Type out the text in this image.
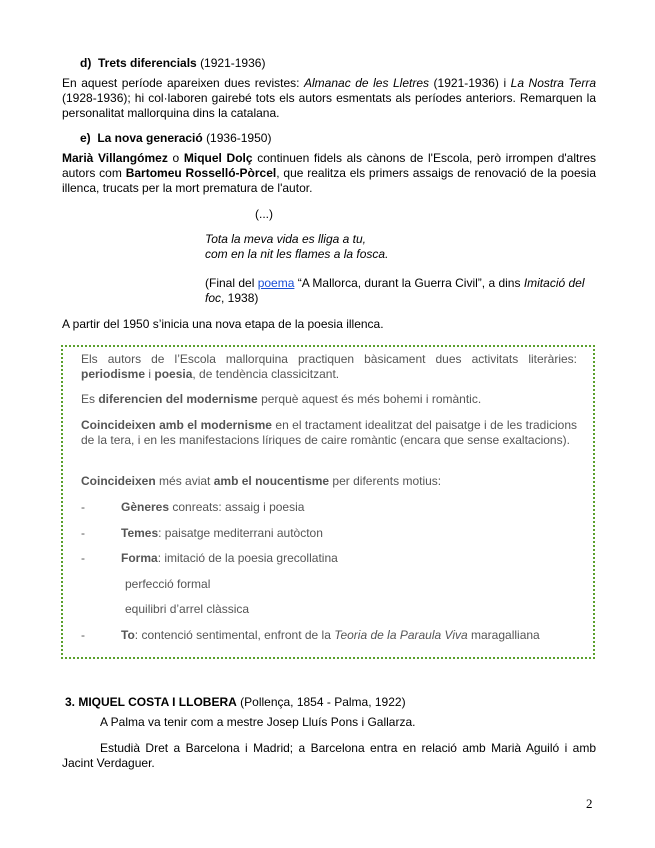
d) Trets diferencials (1921-1936)

En aquest període apareixen dues revistes: Almanac de les Lletres (1921-1936) i La Nostra Terra (1928-1936); hi col·laboren gairebé tots els autors esmentats als períodes anteriors. Remarquen la personalitat mallorquina dins la catalana.

e) La nova generació (1936-1950)

Marià Villangómez o Miquel Dolç continuen fidels als cànons de l'Escola, però irrompen d'altres autors com Bartomeu Rosselló-Pòrcel, que realitza els primers assaigs de renovació de la poesia illenca, trucats per la mort prematura de l'autor.

(...)
Tota la meva vida es lliga a tu,
com en la nit les flames a la fosca.
(Final del poema “A Mallorca, durant la Guerra Civil”, a dins Imitació del foc, 1938)

A partir del 1950 s’inicia una nova etapa de la poesia illenca.

Els autors de l’Escola mallorquina practiquen bàsicament dues activitats literàries: periodisme i poesia, de tendència classicitzant.

Es diferencien del modernisme perquè aquest és més bohemi i romàntic.

Coincideixen amb el modernisme en el tractament idealitzat del paisatge i de les tradicions de la tera, i en les manifestacions líriques de caire romàntic (encara que sense exaltacions).

Coincideixen més aviat amb el noucentisme per diferents motius:

-	Gèneres conreats: assaig i poesia

-	Temes: paisatge mediterrani autòcton

-	Forma: imitació de la poesia grecollatina

perfecció formal
equilibri d’arrel clàssica
-	To: contenció sentimental, enfront de la Teoria de la Paraula Viva maragalliana

3. MIQUEL COSTA I LLOBERA (Pollença, 1854 - Palma, 1922)

A Palma va tenir com a mestre Josep Lluís Pons i Gallarza.

Estudià Dret a Barcelona i Madrid; a Barcelona entra en relació amb Marià Aguiló i amb Jacint Verdaguer.

2
